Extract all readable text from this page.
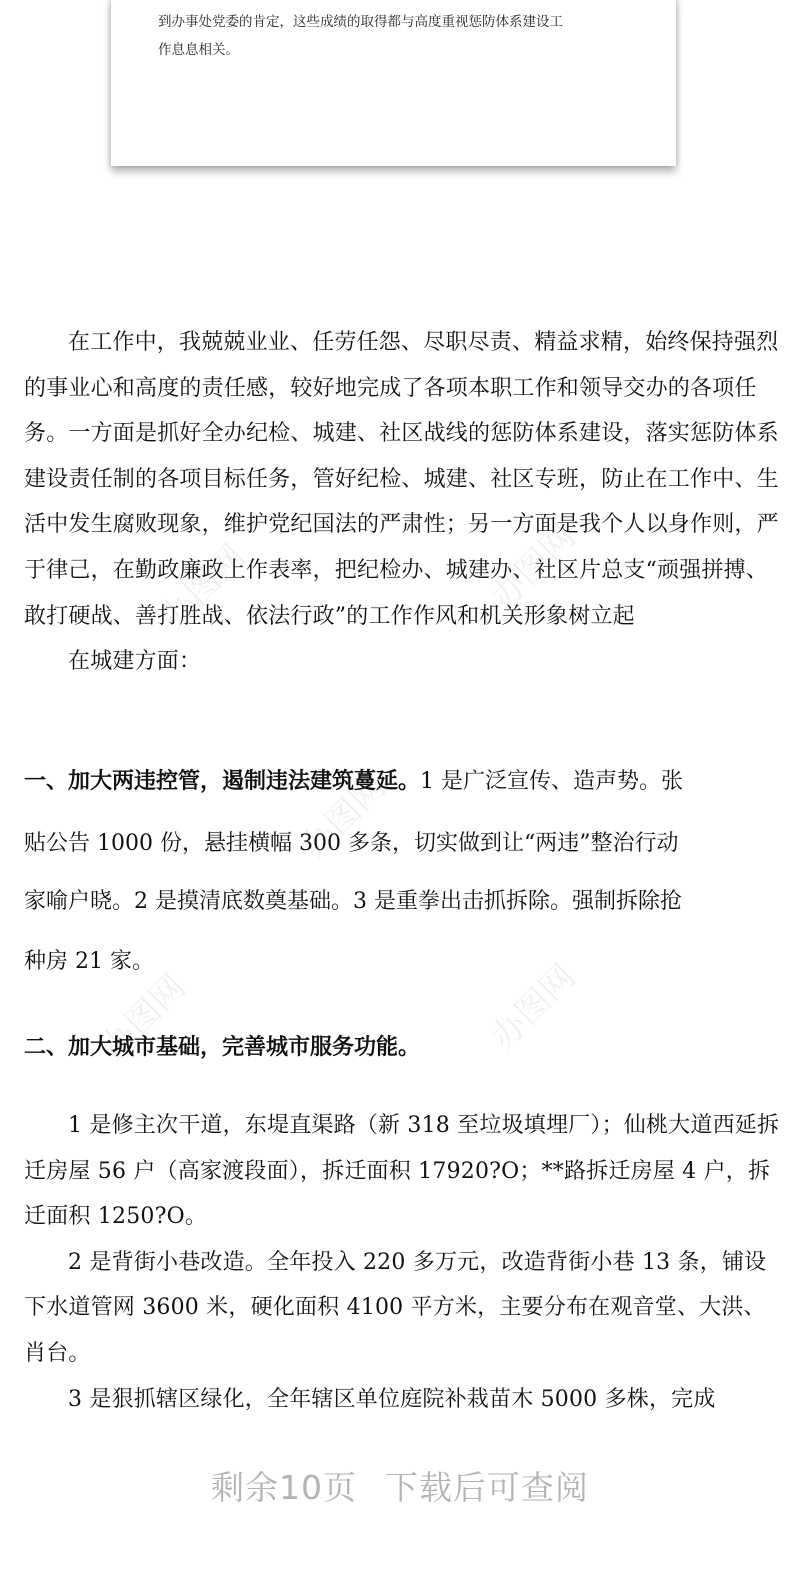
到办事处党委的肯定，这些成绩的取得都与高度重视惩防体系建设工

作息息相关。

办图网	办图网
办图网
办图网	办图网

在工作中，我兢兢业业、任劳任怨、尽职尽责、精益求精，始终保持强烈的事业心和高度的责任感，较好地完成了各项本职工作和领导交办的各项任务。一方面是抓好全办纪检、城建、社区战线的惩防体系建设，落实惩防体系建设责任制的各项目标任务，管好纪检、城建、社区专班，防止在工作中、生活中发生腐败现象，维护党纪国法的严肃性；另一方面是我个人以身作则，严于律己，在勤政廉政上作表率，把纪检办、城建办、社区片总支“顽强拼搏、敢打硬战、善打胜战、依法行政”的工作作风和机关形象树立起

在城建方面：

一、加大两违控管，遏制违法建筑蔓延。1 是广泛宣传、造声势。张

贴公告 1000 份，悬挂横幅 300 多条，切实做到让“两违”整治行动

家喻户晓。2 是摸清底数奠基础。3 是重拳出击抓拆除。强制拆除抢

种房 21 家。

二、加大城市基础，完善城市服务功能。

1 是修主次干道，东堤直渠路（新 318 至垃圾填埋厂）；仙桃大道西延拆迁房屋 56 户（高家渡段面），拆迁面积 17920?O；**路拆迁房屋 4 户，拆迁面积 1250?O。

2 是背街小巷改造。全年投入 220 多万元，改造背街小巷 13 条，铺设下水道管网 3600 米，硬化面积 4100 平方米，主要分布在观音堂、大洪、肖台。

3 是狠抓辖区绿化，全年辖区单位庭院补栽苗木 5000 多株，完成

剩余10页 下载后可查阅
